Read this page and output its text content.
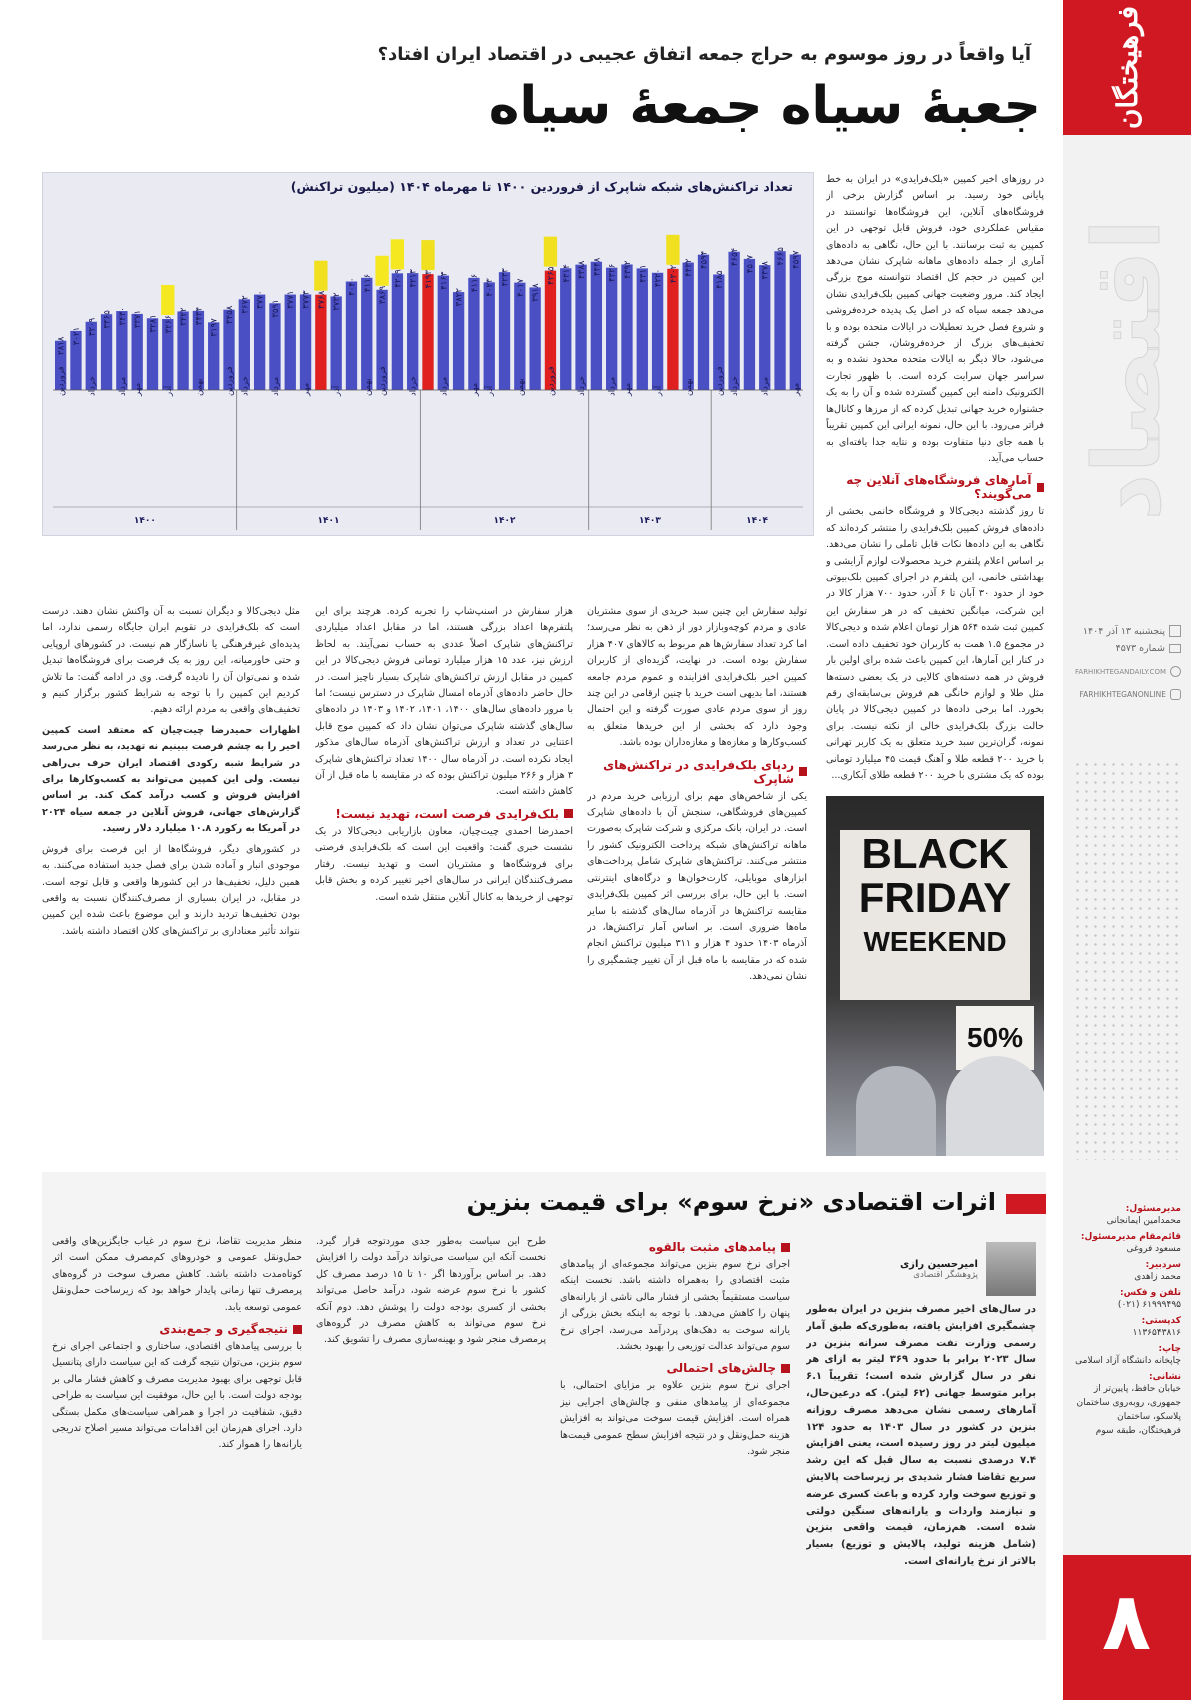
فرهیختگان
اقتصاد
پنجشنبه ۱۳ آذر ۱۴۰۴
شماره ۴۵۷۳
FARHIKHTEGANDAILY.COM
FARHIKHTEGANONLINE
مدیرمسئول:
محمدامین ایمانجانی
قائم‌مقام مدیرمسئول:
مسعود فروغی
سردبیر:
محمد زاهدی
تلفن و فکس:
۶۱۹۹۹۴۹۵ (۰۲۱)
کدپستی:
۱۱۳۶۵۴۳۸۱۶
چاپ:
چاپخانه دانشگاه آزاد اسلامی
نشانی:
خیابان حافظ، پایین‌تر از جمهوری، روبه‌روی ساختمان پلاسکو، ساختمان فرهیختگان، طبقه سوم
۸
آیا واقعاً در روز موسوم به حراج جمعه اتفاق عجیبی در اقتصاد ایران افتاد؟
جعبهٔ سیاه جمعهٔ سیاه
تعداد تراکنش‌های شبکه شاپرک از فروردین ۱۴۰۰ تا مهرماه ۱۴۰۴ (میلیون تراکنش)
۲۸۱۸
۳۰۲۱ ۳۲۰۹ ۳۳۶۵ ۳۴۳۰ ۳۳۷۱ ۳۲۸۱ ۳۲۶۶ ۳۴۲۲ ۳۴۳۴
۳۱۹۷
۳۴۵۸
۳۶۷۲ ۳۷۷۰ ۳۵۹۱ ۳۷۷۱ ۳۷۷۳ ۳۷۶۸ ۳۷۳۲
۴۰۴۰ ۴۱۱۶
۳۸۶۹
۴۲۰۹ ۴۲۱۳ ۴۱۹۳ ۴۱۶۳
۳۸۲۲
۴۱۱۶ ۴۰۲۳
۴۲۳۳
۴۰۱۷ ۳۹۱۸
۴۲۶۵ ۴۳۱۴ ۴۳۸۸ ۴۴۴۸ ۴۳۲۶ ۴۳۹۲ ۴۳۱۱ ۴۲۲۰ ۴۳۰۲ ۴۴۳۲ ۴۵۹۴
۴۱۸۵
۴۶۵۴ ۴۵۰۷ ۴۳۷۸
۴۶۶۵ ۴۵۹۷
فروردین خرداد مرداد مهر آذر بهمن فروردین خرداد مرداد مهر آذر بهمن فروردین خرداد مرداد مهر آذر بهمن فروردین خرداد مرداد مهر آذر بهمن فروردین خرداد مرداد مهر
۱۴۰۰	۱۴۰۱	۱۴۰۲	۱۴۰۳	۱۴۰۴

در روزهای اخیر کمپین «بلک‌فرایدی» در ایران به خط پایانی خود رسید. بر اساس گزارش برخی از فروشگاه‌های آنلاین، این فروشگاه‌ها توانستند در مقیاس عملکردی خود، فروش قابل توجهی در این کمپین به ثبت برسانند. با این حال، نگاهی به داده‌های آماری از جمله داده‌های ماهانه شاپرک نشان می‌دهد این کمپین در حجم کل اقتصاد نتوانسته موج بزرگی ایجاد کند. مرور وضعیت جهانی کمپین بلک‌فرایدی نشان می‌دهد جمعه سیاه که در اصل یک پدیده خرده‌فروشی و شروع فصل خرید تعطیلات در ایالات متحده بوده و با تخفیف‌های بزرگ از خرده‌فروشان، جشن گرفته می‌شود، حالا دیگر به ایالات متحده محدود نشده و به سراسر جهان سرایت کرده است. با ظهور تجارت الکترونیک دامنه این کمپین گسترده شده و آن را به یک جشنواره خرید جهانی تبدیل کرده که از مرزها و کانال‌ها فراتر می‌رود. با این حال، نمونه ایرانی این کمپین تقریباً با همه جای دنیا متفاوت بوده و نتایه جدا یافته‌ای به حساب می‌آید.

آمارهای فروشگاه‌های آنلاین چه می‌گویند؟

تا روز گذشته دیجی‌کالا و فروشگاه خانمی بخشی از داده‌های فروش کمپین بلک‌فرایدی را منتشر کرده‌اند که نگاهی به این داده‌ها نکات قابل تاملی را نشان می‌دهد. بر اساس اعلام پلتفرم خرید محصولات لوازم آرایشی و بهداشتی خانمی، این پلتفرم در اجرای کمپین بلک‌بیوتی خود از حدود ۳۰ آبان تا ۶ آذر، حدود ۷۰۰ هزار کالا در

این شرکت، میانگین تخفیف که در هر سفارش این کمپین ثبت شده ۵۶۴ هزار تومان اعلام شده و دیجی‌کالا در مجموع ۱.۵ همت به کاربران خود تخفیف داده است. در کنار این آمارها، این کمپین باعث شده برای اولین بار فروش در همه دسته‌های کالایی در یک بعضی دسته‌ها مثل طلا و لوازم خانگی هم فروش بی‌سابقه‌ای رقم بخورد. اما برخی داده‌ها در کمپین دیجی‌کالا در پایان حالت بزرگ بلک‌فرایدی خالی از نکته نیست. برای نمونه، گران‌ترین سبد خرید متعلق به یک کاربر تهرانی با خرید ۲۰۰ قطعه طلا و آهنگ قیمت ۴۵ میلیارد تومانی بوده که یک مشتری با خرید ۲۰۰ قطعه طلای آبکاری...

BLACK
FRIDAY
WEEKEND
50%

تولید سفارش این چنین سبد خریدی از سوی مشتریان عادی و مردم کوچه‌وبازار دور از ذهن به نظر می‌رسد؛ اما کرد تعداد سفارش‌ها هم مربوط به کالاهای ۴۰۷ هزار سفارش بوده است. در نهایت، گزیده‌ای از کاربران کمپین اخیر بلک‌فرایدی افزاینده و عموم مردم جامعه هستند، اما بدیهی است خرید با چنین ارقامی در این چند روز از سوی مردم عادی صورت گرفته و این احتمال وجود دارد که بخشی از این خریدها متعلق به کسب‌وکارها و مغازه‌ها و مغازه‌داران بوده باشد.

ردپای بلک‌فرایدی در تراکنش‌های شاپرک

یکی از شاخص‌های مهم برای ارزیابی خرید مردم در کمپین‌های فروشگاهی، سنجش آن با داده‌های شاپرک است. در ایران، بانک مرکزی و شرکت شاپرک به‌صورت ماهانه تراکنش‌های شبکه پرداخت الکترونیک کشور را منتشر می‌کنند. تراکنش‌های شاپرک شامل پرداخت‌های ابزارهای موبایلی، کارت‌خوان‌ها و درگاه‌های اینترنتی است. با این حال، برای بررسی اثر کمپین بلک‌فرایدی مقایسه تراکنش‌ها در آذرماه سال‌های گذشته با سایر ماه‌ها ضروری است. بر اساس آمار تراکنش‌ها، در آذرماه ۱۴۰۳ حدود ۴ هزار و ۳۱۱ میلیون تراکنش انجام شده که در مقایسه با ماه قبل از آن تغییر چشمگیری را نشان نمی‌دهد.

هزار سفارش در اسنپ‌شاپ را تجربه کرده. هرچند برای این پلتفرم‌ها اعداد بزرگی هستند، اما در مقابل اعداد میلیاردی تراکنش‌های شاپرک اصلاً عددی به حساب نمی‌آیند. به لحاظ ارزش نیز، عدد ۱۵ هزار میلیارد تومانی فروش دیجی‌کالا در این کمپین در مقابل ارزش تراکنش‌های شاپرک بسیار ناچیز است. در حال حاضر داده‌های آذرماه امسال شاپرک در دسترس نیست؛ اما با مرور داده‌های سال‌های ۱۴۰۰، ۱۴۰۱، ۱۴۰۲ و ۱۴۰۳ در داده‌های سال‌های گذشته شاپرک می‌توان نشان داد که کمپین موج قابل اعتنایی در تعداد و ارزش تراکنش‌های آذرماه سال‌های مذکور ایجاد نکرده است. در آذرماه سال ۱۴۰۰ تعداد تراکنش‌های شاپرک ۳ هزار و ۲۶۶ میلیون تراکنش بوده که در مقایسه با ماه قبل از آن کاهش داشته است.

بلک‌فرایدی فرصت است، تهدید نیست!

احمدرضا احمدی چیت‌چیان، معاون بازاریابی دیجی‌کالا در یک نشست خبری گفت: واقعیت این است که بلک‌فرایدی فرصتی برای فروشگاه‌ها و مشتریان است و تهدید نیست. رفتار مصرف‌کنندگان ایرانی در سال‌های اخیر تغییر کرده و بخش قابل توجهی از خریدها به کانال آنلاین منتقل شده است.

مثل دیجی‌کالا و دیگران نسبت به آن واکنش نشان دهند. درست است که بلک‌فرایدی در تقویم ایران جایگاه رسمی ندارد، اما پدیده‌ای غیرفرهنگی یا ناسازگار هم نیست. در کشورهای اروپایی و حتی خاورمیانه، این روز به یک فرصت برای فروشگاه‌ها تبدیل شده و نمی‌توان آن را نادیده گرفت. وی در ادامه گفت: ما تلاش کردیم این کمپین را با توجه به شرایط کشور برگزار کنیم و تخفیف‌های واقعی به مردم ارائه دهیم.

اظهارات حمیدرضا چیت‌چیان که معتقد است کمپین اخیر را به چشم فرصت ببینیم نه تهدید، به نظر می‌رسد در شرایط شبه رکودی اقتصاد ایران حرف بی‌راهی نیست. ولی این کمپین می‌تواند به کسب‌وکارها برای افزایش فروش و کسب درآمد کمک کند. بر اساس گزارش‌های جهانی، فروش آنلاین در جمعه سیاه ۲۰۲۴ در آمریکا به رکورد ۱۰.۸ میلیارد دلار رسید.

در کشورهای دیگر، فروشگاه‌ها از این فرصت برای فروش موجودی انبار و آماده شدن برای فصل جدید استفاده می‌کنند. به همین دلیل، تخفیف‌ها در این کشورها واقعی و قابل توجه است. در مقابل، در ایران بسیاری از مصرف‌کنندگان نسبت به واقعی بودن تخفیف‌ها تردید دارند و این موضوع باعث شده این کمپین نتواند تأثیر معناداری بر تراکنش‌های کلان اقتصاد داشته باشد.

اثرات اقتصادی «نرخ سوم» برای قیمت بنزین
امیرحسین رازی
پژوهشگر اقتصادی

در سال‌های اخیر مصرف بنزین در ایران به‌طور چشمگیری افزایش یافته، به‌طوری‌که طبق آمار رسمی وزارت نفت مصرف سرانه بنزین در سال ۲۰۲۳ برابر با حدود ۳۶۹ لیتر به ازای هر نفر در سال گزارش شده است؛ تقریباً ۶.۱ برابر متوسط جهانی (۶۲ لیتر). که درعین‌حال، آمارهای رسمی نشان می‌دهد مصرف روزانه بنزین در کشور در سال ۱۴۰۳ به حدود ۱۲۴ میلیون لیتر در روز رسیده است، یعنی افزایش ۷.۴ درصدی نسبت به سال قبل که این رشد سریع تقاضا فشار شدیدی بر زیرساخت پالایش و توزیع سوخت وارد کرده و باعث کسری عرضه و نیازمند واردات و یارانه‌های سنگین دولتی شده است. هم‌زمان، قیمت واقعی بنزین (شامل هزینه تولید، پالایش و توزیع) بسیار بالاتر از نرخ یارانه‌ای است.

پیامدهای مثبت بالقوه

اجرای نرخ سوم بنزین می‌تواند مجموعه‌ای از پیامدهای مثبت اقتصادی را به‌همراه داشته باشد. نخست اینکه سیاست مستقیماً بخشی از فشار مالی ناشی از یارانه‌های پنهان را کاهش می‌دهد. با توجه به اینکه بخش بزرگی از یارانه سوخت به دهک‌های پردرآمد می‌رسد، اجرای نرخ سوم می‌تواند عدالت توزیعی را بهبود بخشد.

چالش‌های احتمالی

اجرای نرخ سوم بنزین علاوه بر مزایای احتمالی، با مجموعه‌ای از پیامدهای منفی و چالش‌های اجرایی نیز همراه است. افزایش قیمت سوخت می‌تواند به افزایش هزینه حمل‌ونقل و در نتیجه افزایش سطح عمومی قیمت‌ها منجر شود.

طرح این سیاست به‌طور جدی موردتوجه قرار گیرد. نخست آنکه این سیاست می‌تواند درآمد دولت را افزایش دهد. بر اساس برآوردها اگر ۱۰ تا ۱۵ درصد مصرف کل کشور با نرخ سوم عرضه شود، درآمد حاصل می‌تواند بخشی از کسری بودجه دولت را پوشش دهد. دوم آنکه نرخ سوم می‌تواند به کاهش مصرف در گروه‌های پرمصرف منجر شود و بهینه‌سازی مصرف را تشویق کند.

منظر مدیریت تقاضا، نرخ سوم در غیاب جایگزین‌های واقعی حمل‌ونقل عمومی و خودروهای کم‌مصرف ممکن است اثر کوتاه‌مدت داشته باشد. کاهش مصرف سوخت در گروه‌های پرمصرف تنها زمانی پایدار خواهد بود که زیرساخت حمل‌ونقل عمومی توسعه یابد.

نتیجه‌گیری و جمع‌بندی

با بررسی پیامدهای اقتصادی، ساختاری و اجتماعی اجرای نرخ سوم بنزین، می‌توان نتیجه گرفت که این سیاست دارای پتانسیل قابل توجهی برای بهبود مدیریت مصرف و کاهش فشار مالی بر بودجه دولت است. با این حال، موفقیت این سیاست به طراحی دقیق، شفافیت در اجرا و همراهی سیاست‌های مکمل بستگی دارد. اجرای هم‌زمان این اقدامات می‌تواند مسیر اصلاح تدریجی یارانه‌ها را هموار کند.
